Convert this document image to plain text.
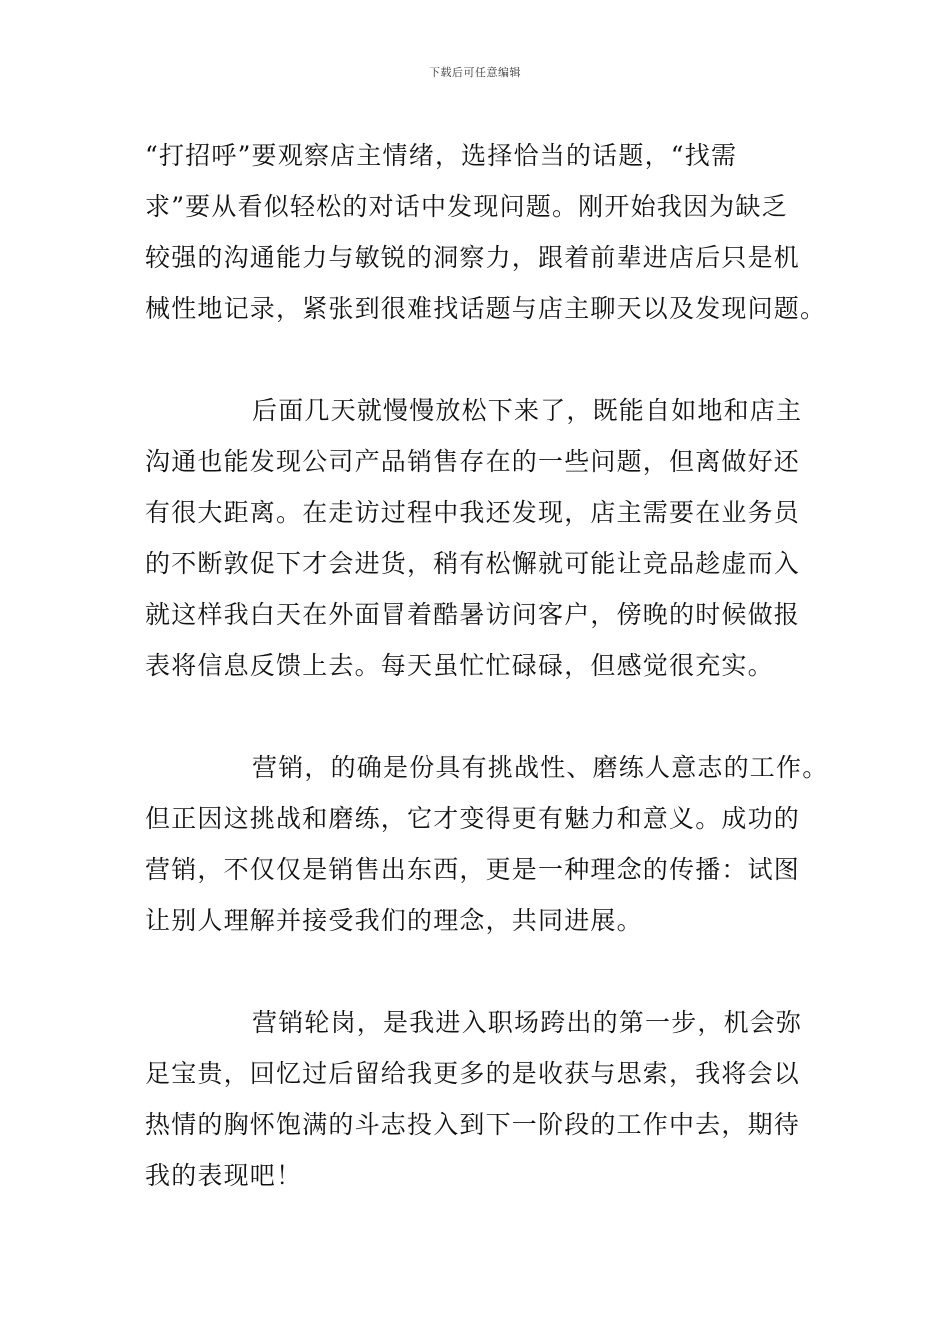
下载后可任意编辑
“打招呼”要观察店主情绪，选择恰当的话题，“找需
求”要从看似轻松的对话中发现问题。刚开始我因为缺乏
较强的沟通能力与敏锐的洞察力，跟着前辈进店后只是机
械性地记录，紧张到很难找话题与店主聊天以及发现问题。
后面几天就慢慢放松下来了，既能自如地和店主
沟通也能发现公司产品销售存在的一些问题，但离做好还
有很大距离。在走访过程中我还发现，店主需要在业务员
的不断敦促下才会进货，稍有松懈就可能让竞品趁虚而入
就这样我白天在外面冒着酷暑访问客户，傍晚的时候做报
表将信息反馈上去。每天虽忙忙碌碌，但感觉很充实。
营销，的确是份具有挑战性、磨练人意志的工作。
但正因这挑战和磨练，它才变得更有魅力和意义。成功的
营销，不仅仅是销售出东西，更是一种理念的传播：试图
让别人理解并接受我们的理念，共同进展。
营销轮岗，是我进入职场跨出的第一步，机会弥
足宝贵，回忆过后留给我更多的是收获与思索，我将会以
热情的胸怀饱满的斗志投入到下一阶段的工作中去，期待
我的表现吧！
